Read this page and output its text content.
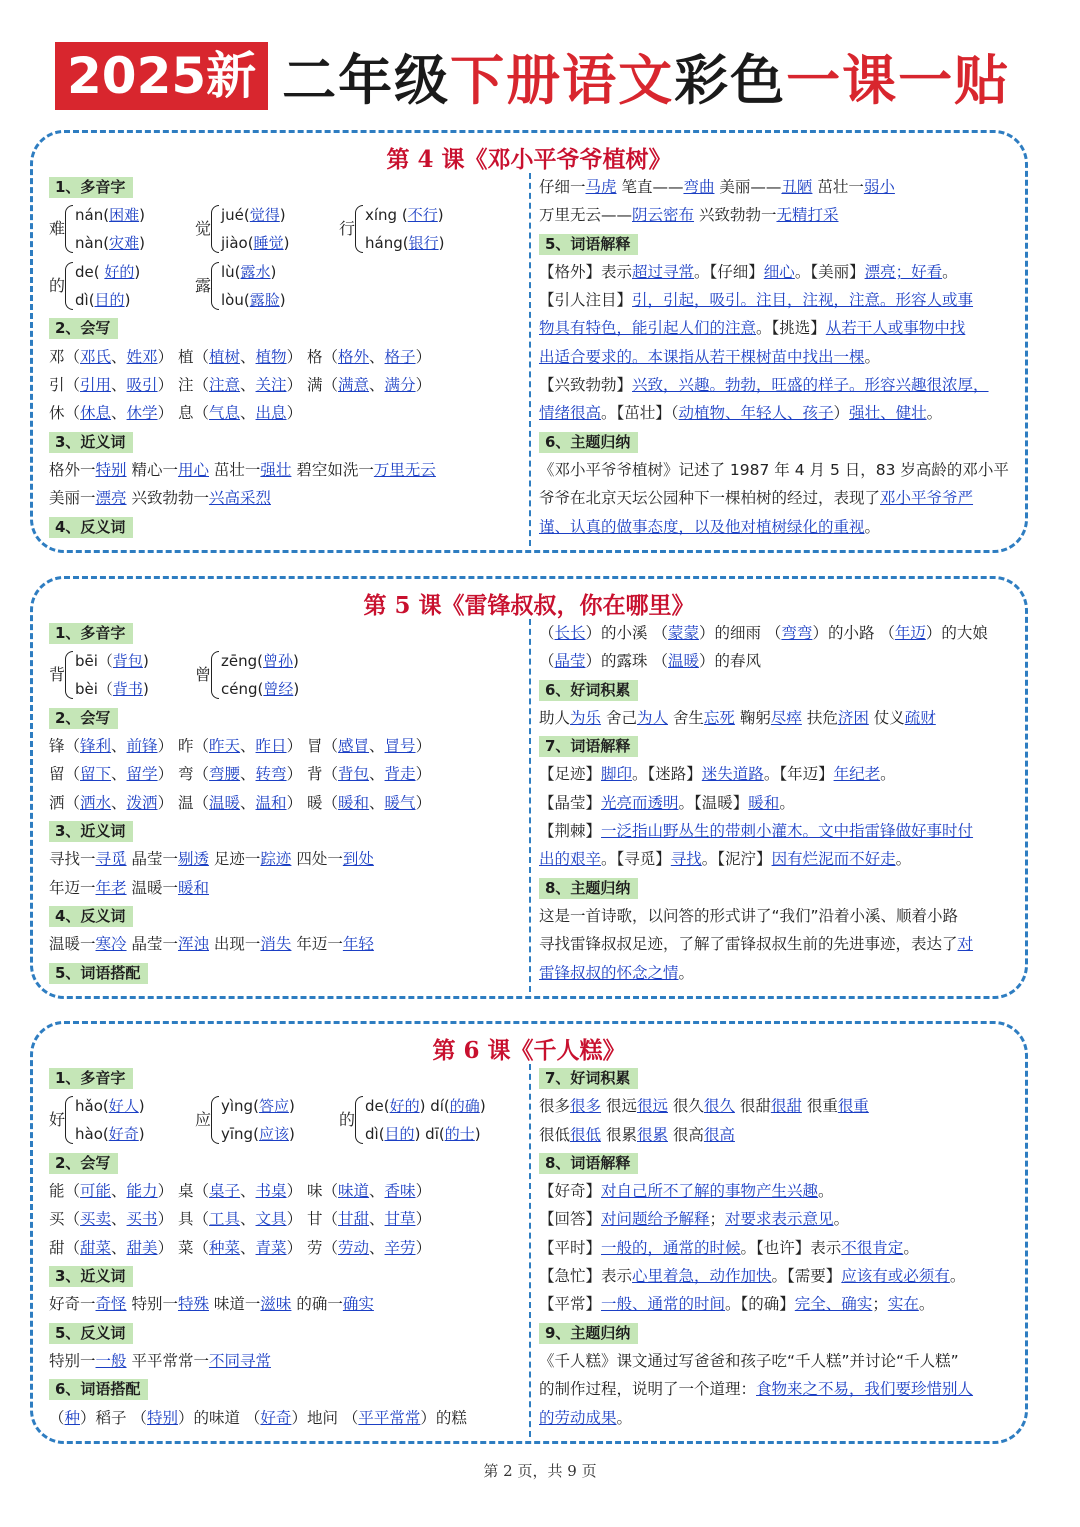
2025新 二年级下册语文彩色一课一贴
第 4 课《邓小平爷爷植树》
1、多音字
难
nán(困难)
nàn(灾难)
觉
jué(觉得)
jiào(睡觉)
行
xíng (不行)
háng(银行)
的
de( 好的)
dì(目的)
露
lù(露水)
lòu(露脸)
2、会写
邓（邓氏、姓邓） 植（植树、植物） 格（格外、格子）
引（引用、吸引） 注（注意、关注） 满（满意、满分）
休（休息、休学） 息（气息、出息）
3、近义词
格外一特别 精心一用心 茁壮一强壮 碧空如洗一万里无云
美丽一漂亮 兴致勃勃一兴高采烈
4、反义词
仔细一马虎 笔直——弯曲 美丽——丑陋 茁壮一弱小
万里无云——阴云密布 兴致勃勃一无精打采
5、词语解释
【格外】表示超过寻常。【仔细】细心。【美丽】漂亮；好看。
【引人注目】引，引起，吸引。注目，注视，注意。形容人或事
物具有特色，能引起人们的注意。【挑选】从若干人或事物中找
出适合要求的。本课指从若干棵树苗中找出一棵。
【兴致勃勃】兴致，兴趣。勃勃，旺盛的样子。形容兴趣很浓厚，
情绪很高。【茁壮】（动植物、年轻人、孩子）强壮、健壮。
6、主题归纳
《邓小平爷爷植树》记述了 1987 年 4 月 5 日，83 岁高龄的邓小平
爷爷在北京天坛公园种下一棵柏树的经过，表现了邓小平爷爷严
谨、认真的做事态度，以及他对植树绿化的重视。
第 5 课《雷锋叔叔，你在哪里》
1、多音字
背
bēi（背包)
bèi（背书)
曾
zēng(曾孙)
céng(曾经)
2、会写
锋（锋利、前锋） 昨（昨天、昨日） 冒（感冒、冒号）
留（留下、留学） 弯（弯腰、转弯） 背（背包、背走）
洒（洒水、泼洒） 温（温暖、温和） 暖（暖和、暖气）
3、近义词
寻找一寻觅 晶莹一剔透 足迹一踪迹 四处一到处
年迈一年老 温暖一暖和
4、反义词
温暖一寒冷 晶莹一浑浊 出现一消失 年迈一年轻
5、词语搭配
（长长）的小溪 （蒙蒙）的细雨 （弯弯）的小路 （年迈）的大娘
（晶莹）的露珠 （温暖）的春风
6、好词积累
助人为乐 舍己为人 舍生忘死 鞠躬尽瘁 扶危济困 仗义疏财
7、词语解释
【足迹】脚印。【迷路】迷失道路。【年迈】年纪老。
【晶莹】光亮而透明。【温暖】暖和。
【荆棘】一泛指山野丛生的带刺小灌木。文中指雷锋做好事时付
出的艰辛。【寻觅】寻找。【泥泞】因有烂泥而不好走。
8、主题归纳
这是一首诗歌，以问答的形式讲了“我们”沿着小溪、顺着小路
寻找雷锋叔叔足迹，了解了雷锋叔叔生前的先进事迹，表达了对
雷锋叔叔的怀念之情。
第 6 课《千人糕》
1、多音字
好
hǎo(好人)
hào(好奇)
应
yìng(答应)
yīng(应该)
的
de(好的) dí(的确)
dì(目的) dī(的士)
2、会写
能（可能、能力） 桌（桌子、书桌） 味（味道、香味）
买（买卖、买书） 具（工具、文具） 甘（甘甜、甘草）
甜（甜菜、甜美） 菜（种菜、青菜） 劳（劳动、辛劳）
3、近义词
好奇一奇怪 特别一特殊 味道一滋味 的确一确实
5、反义词
特别一一般 平平常常一不同寻常
6、词语搭配
（种）稻子 （特别）的味道 （好奇）地问 （平平常常）的糕
7、好词积累
很多很多 很远很远 很久很久 很甜很甜 很重很重
很低很低 很累很累 很高很高
8、词语解释
【好奇】对自己所不了解的事物产生兴趣。
【回答】对问题给予解释；对要求表示意见。
【平时】一般的，通常的时候。【也许】表示不很肯定。
【急忙】表示心里着急，动作加快。【需要】应该有或必须有。
【平常】一般、通常的时间。【的确】完全、确实；实在。
9、主题归纳
《千人糕》课文通过写爸爸和孩子吃“千人糕”并讨论“千人糕”
的制作过程，说明了一个道理：食物来之不易，我们要珍惜别人
的劳动成果。
第 2 页，共 9 页
